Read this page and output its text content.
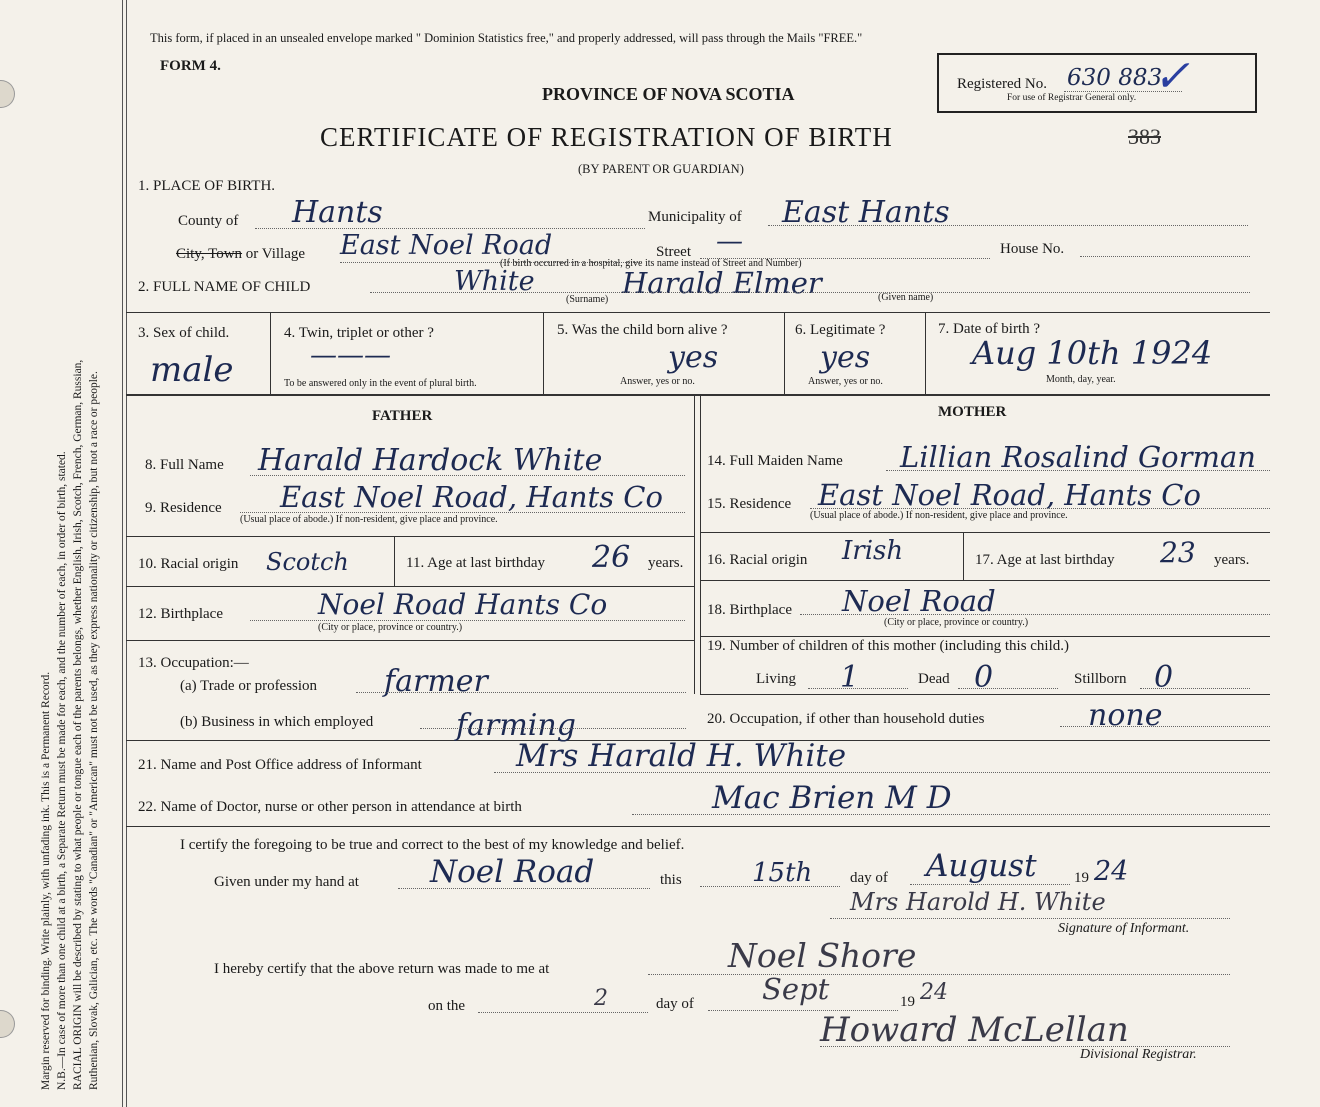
Margin reserved for binding. Write plainly, with unfading ink. This is a Permanent Record. N.B.—In case of more than one child at a birth, a Separate Return must be made for each, and the number of each, in order of birth, stated. RACIAL ORIGIN will be described by stating to what people or tongue each of the parents belongs, whether English, Irish, Scotch, French, German, Russian, Ruthenian, Slovak, Galician, etc. The words "Canadian" or "American" must not be used, as they express nationality or citizenship, but not a race or people.
This form, if placed in an unsealed envelope marked " Dominion Statistics free," and properly addressed, will pass through the Mails "FREE."
FORM 4.
PROVINCE OF NOVA SCOTIA
CERTIFICATE OF REGISTRATION OF BIRTH
(BY PARENT OR GUARDIAN)
383
Registered No. 630 883
✓
For use of Registrar General only.
1. PLACE OF BIRTH.
County of Hants	Municipality of East Hants
City, Town or Village East Noel Road	Street —	House No.
(If birth occurred in a hospital, give its name instead of Street and Number)
2. FULL NAME OF CHILD	White	Harald Elmer
(Surname)	(Given name)
3. Sex of child.
male
4. Twin, triplet or other ?
———
To be answered only in the event of plural birth.
5. Was the child born alive ?
yes
Answer, yes or no.
6. Legitimate ?
yes
Answer, yes or no.
7. Date of birth ?
Aug 10th 1924
Month, day, year.
FATHER	MOTHER
8. Full Name Harald Hardock White
9. Residence East Noel Road, Hants Co
(Usual place of abode.) If non-resident, give place and province.
10. Racial origin Scotch	11. Age at last birthday 26 years.
12. Birthplace	Noel Road Hants Co
(City or place, province or country.)
13. Occupation:—
(a) Trade or profession farmer
(b) Business in which employed	farming
14. Full Maiden Name Lillian Rosalind Gorman
15. Residence East Noel Road, Hants Co
(Usual place of abode.) If non-resident, give place and province.
16. Racial origin Irish	17. Age at last birthday 23 years.
18. Birthplace Noel Road
(City or place, province or country.)
19. Number of children of this mother (including this child.)
Living 1	Dead 0	Stillborn 0
20. Occupation, if other than household duties	none
21. Name and Post Office address of Informant	Mrs Harald H. White
22. Name of Doctor, nurse or other person in attendance at birth	Mac Brien M D
I certify the foregoing to be true and correct to the best of my knowledge and belief.
Given under my hand at Noel Road	this	15th	day of August 19 24
Mrs Harold H. White
Signature of Informant.
I hereby certify that the above return was made to me at	Noel Shore
on the	2	day of Sept	19 24
Howard McLellan
Divisional Registrar.
